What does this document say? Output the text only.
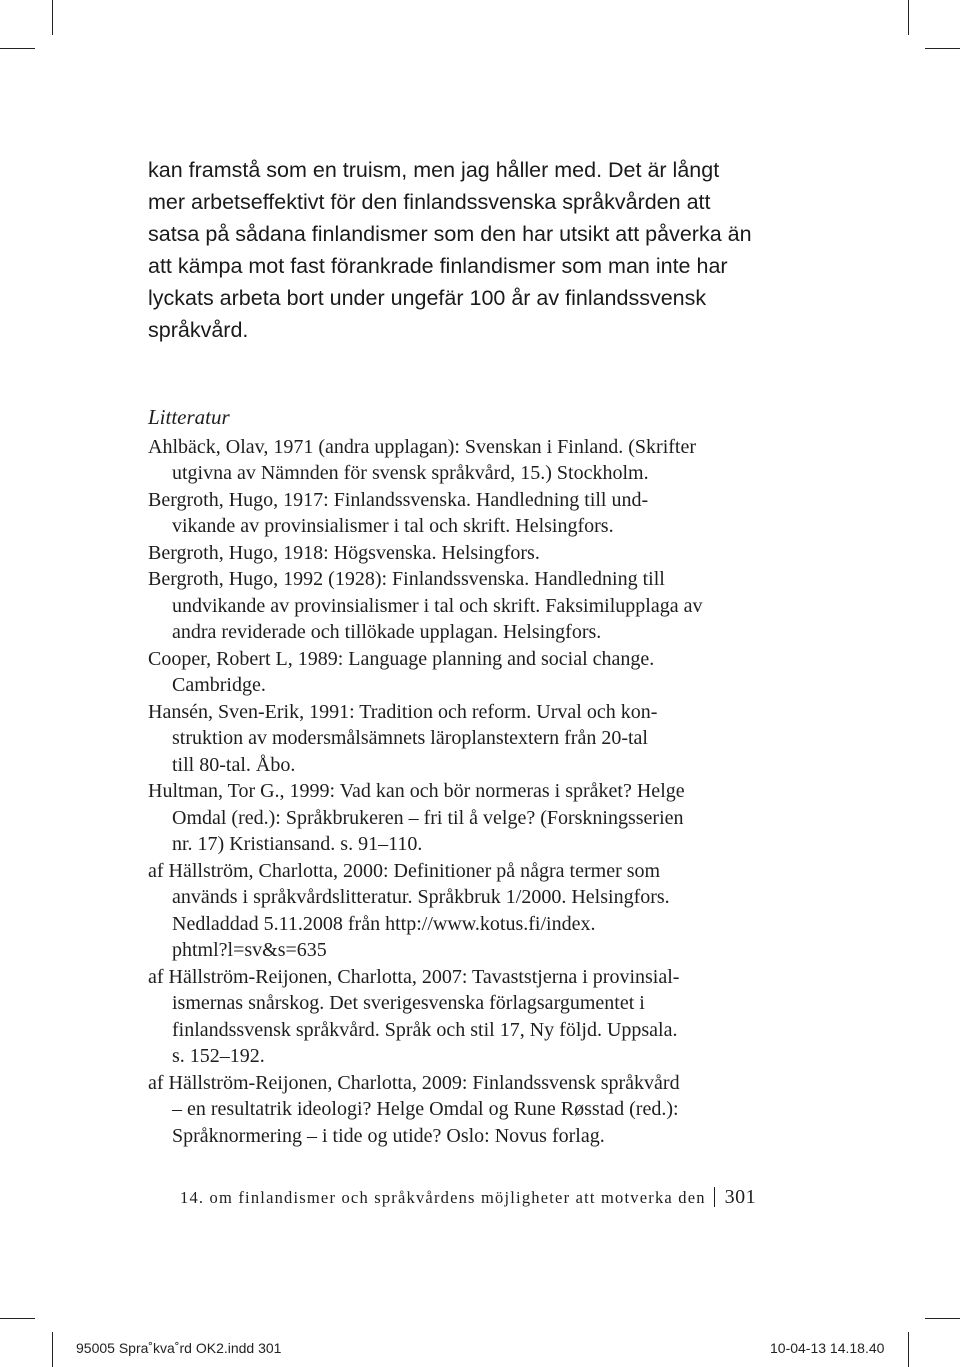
kan framstå som en truism, men jag håller med. Det är långt
mer arbetseffektivt för den finlandssvenska språkvården att
satsa på sådana finlandismer som den har utsikt att påverka än
att kämpa mot fast förankrade finlandismer som man inte har
lyckats arbeta bort under ungefär 100 år av finlandssvensk
språkvård.
Litteratur
Ahlbäck, Olav, 1971 (andra upplagan): Svenskan i Finland. (Skrifter
utgivna av Nämnden för svensk språkvård, 15.) Stockholm.
Bergroth, Hugo, 1917: Finlandssvenska. Handledning till und-
vikande av provinsialismer i tal och skrift. Helsingfors.
Bergroth, Hugo, 1918: Högsvenska. Helsingfors.
Bergroth, Hugo, 1992 (1928): Finlandssvenska. Handledning till
undvikande av provinsialismer i tal och skrift. Faksimilupplaga av
andra reviderade och tillökade upplagan. Helsingfors.
Cooper, Robert L, 1989: Language planning and social change.
Cambridge.
Hansén, Sven-Erik, 1991: Tradition och reform. Urval och kon-
struktion av modersmålsämnets läroplanstextern från 20-tal
till 80-tal. Åbo.
Hultman, Tor G., 1999: Vad kan och bör normeras i språket? Helge
Omdal (red.): Språkbrukeren – fri til å velge? (Forskningsserien
nr. 17) Kristiansand. s. 91–110.
af Hällström, Charlotta, 2000: Definitioner på några termer som
används i språkvårdslitteratur. Språkbruk 1/2000. Helsingfors.
Nedladdad 5.11.2008 från http://www.kotus.fi/index.
phtml?l=sv&s=635
af Hällström-Reijonen, Charlotta, 2007: Tavaststjerna i provinsial-
ismernas snårskog. Det sverigesvenska förlagsargumentet i
finlandssvensk språkvård. Språk och stil 17, Ny följd. Uppsala.
s. 152–192.
af Hällström-Reijonen, Charlotta, 2009: Finlandssvensk språkvård
– en resultatrik ideologi? Helge Omdal og Rune Røsstad (red.):
Språknormering – i tide og utide? Oslo: Novus forlag.
14. om finlandismer och språkvårdens möjligheter att motverka den 301
95005 Spra˚kva˚rd OK2.indd 301	10-04-13 14.18.40
